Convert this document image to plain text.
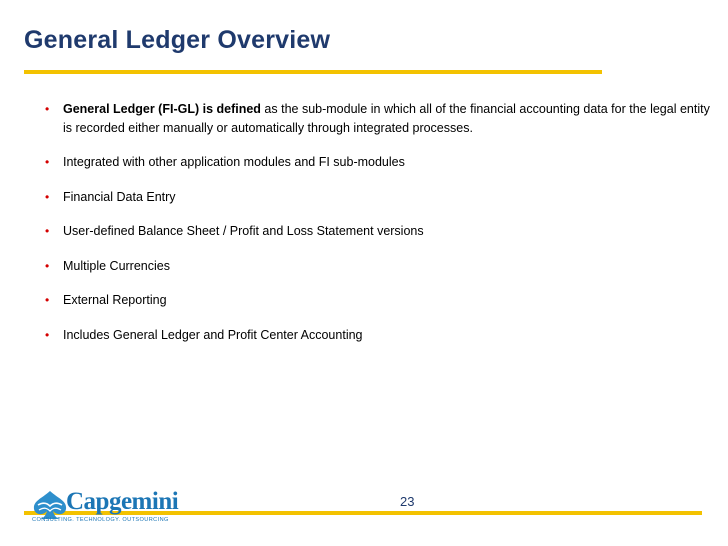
General Ledger Overview
• General Ledger (FI-GL) is defined as the sub-module in which all of the financial accounting data for the legal entity is recorded either manually or automatically through integrated processes.
• Integrated with other application modules and FI sub-modules
• Financial Data Entry
• User-defined Balance Sheet / Profit and Loss Statement versions
• Multiple Currencies
• External Reporting
• Includes General Ledger and Profit Center Accounting
23
Capgemini
CONSULTING. TECHNOLOGY. OUTSOURCING
